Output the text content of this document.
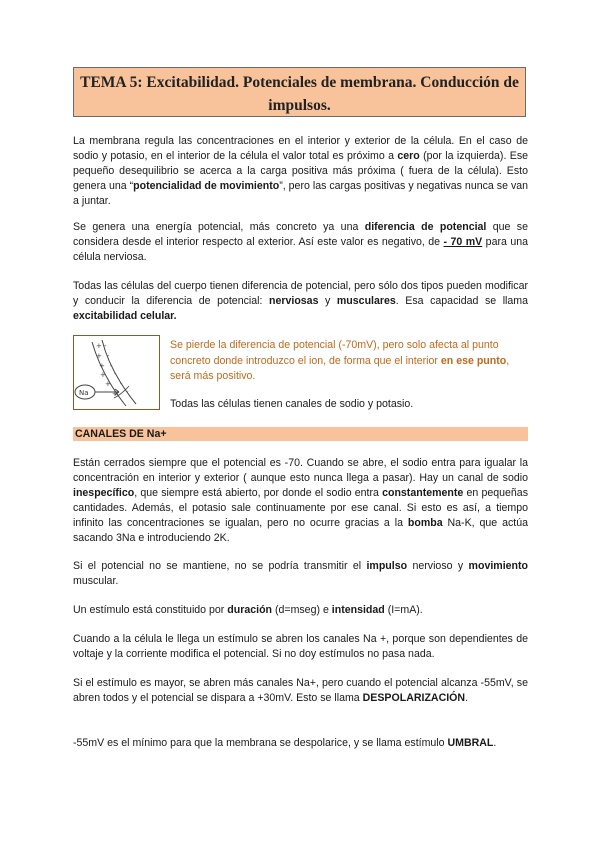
TEMA 5: Excitabilidad. Potenciales de membrana. Conducción de
impulsos.

La membrana regula las concentraciones en el interior y exterior de la célula. En el caso de sodio y potasio, en el interior de la célula el valor total es próximo a cero (por la izquierda). Ese pequeño desequilibrio se acerca a la carga positiva más próxima ( fuera de la célula). Esto genera una “potencialidad de movimiento”, pero las cargas positivas y negativas nunca se van a juntar.

Se genera una energía potencial, más concreto ya una diferencia de potencial que se considera desde el interior respecto al exterior. Así este valor es negativo, de - 70 mV para una célula nerviosa.

Todas las células del cuerpo tienen diferencia de potencial, pero sólo dos tipos pueden modificar y conducir la diferencia de potencial: nerviosas y musculares. Esa capacidad se llama excitabilidad celular.

+ -
+ -
+ -
+ -
+ -
+ -
Na

Se pierde la diferencia de potencial (-70mV), pero solo afecta al punto concreto donde introduzco el ion, de forma que el interior en ese punto, será más positivo.

Todas las células tienen canales de sodio y potasio.

CANALES DE Na+

Están cerrados siempre que el potencial es -70. Cuando se abre, el sodio entra para igualar la concentración en interior y exterior ( aunque esto nunca llega a pasar). Hay un canal de sodio inespecífico, que siempre está abierto, por donde el sodio entra constantemente en pequeñas cantidades. Además, el potasio sale continuamente por ese canal. Si esto es así, a tiempo infinito las concentraciones se igualan, pero no ocurre gracias a la bomba Na-K, que actúa sacando 3Na e introduciendo 2K.

Si el potencial no se mantiene, no se podría transmitir el impulso nervioso y movimiento muscular.

Un estímulo está constituido por duración (d=mseg) e intensidad (I=mA).

Cuando a la célula le llega un estímulo se abren los canales Na +, porque son dependientes de voltaje y la corriente modifica el potencial. Si no doy estímulos no pasa nada.

Si el estímulo es mayor, se abren más canales Na+, pero cuando el potencial alcanza -55mV, se abren todos y el potencial se dispara a +30mV. Esto se llama DESPOLARIZACIÓN.

-55mV es el mínimo para que la membrana se despolarice, y se llama estímulo UMBRAL.
